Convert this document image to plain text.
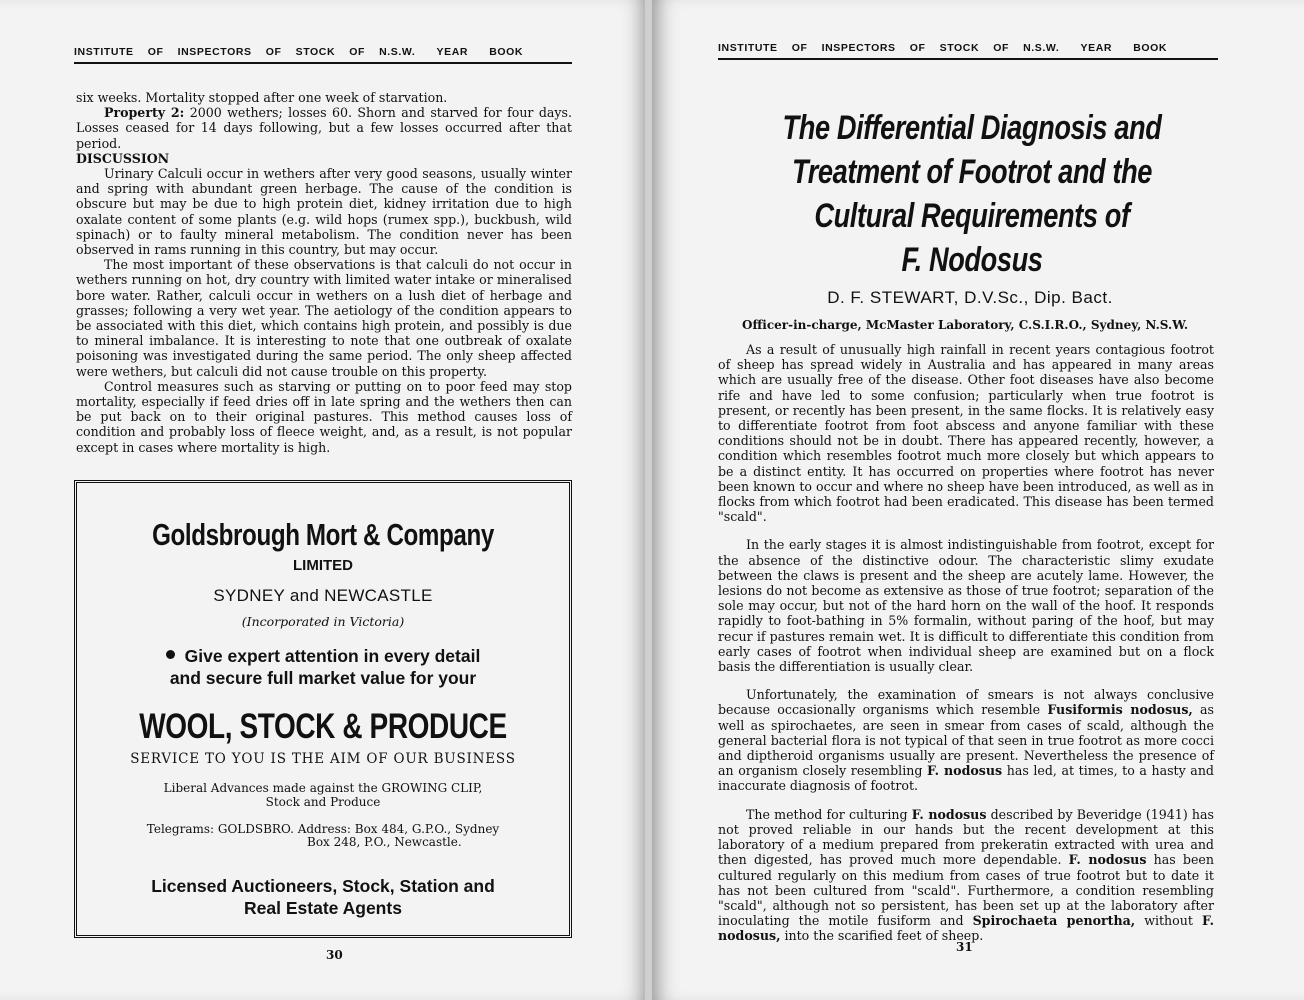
INSTITUTE OF INSPECTORS OF STOCK OF N.S.W. YEAR BOOK

six weeks. Mortality stopped after one week of starvation.

Property 2: 2000 wethers; losses 60. Shorn and starved for four days. Losses ceased for 14 days following, but a few losses occurred after that period.

DISCUSSION

Urinary Calculi occur in wethers after very good seasons, usually winter and spring with abundant green herbage. The cause of the condition is obscure but may be due to high protein diet, kidney irritation due to high oxalate content of some plants (e.g. wild hops (rumex spp.), buckbush, wild spinach) or to faulty mineral metabolism. The condition never has been observed in rams running in this country, but may occur.

The most important of these observations is that calculi do not occur in wethers running on hot, dry country with limited water intake or mineralised bore water. Rather, calculi occur in wethers on a lush diet of herbage and grasses; following a very wet year. The aetiology of the condition appears to be associated with this diet, which contains high protein, and possibly is due to mineral imbalance. It is interesting to note that one outbreak of oxalate poisoning was investigated during the same period. The only sheep affected were wethers, but calculi did not cause trouble on this property.

Control measures such as starving or putting on to poor feed may stop mortality, especially if feed dries off in late spring and the wethers then can be put back on to their original pastures. This method causes loss of condition and probably loss of fleece weight, and, as a result, is not popular except in cases where mortality is high.

Goldsbrough Mort & Company
LIMITED
SYDNEY and NEWCASTLE
(Incorporated in Victoria)
Give expert attention in every detail
and secure full market value for your
WOOL, STOCK & PRODUCE
SERVICE TO YOU IS THE AIM OF OUR BUSINESS
Liberal Advances made against the GROWING CLIP,
Stock and Produce
Telegrams: GOLDSBRO. Address: Box 484, G.P.O., Sydney
Box 248, P.O., Newcastle.
Licensed Auctioneers, Stock, Station and
Real Estate Agents
30
INSTITUTE OF INSPECTORS OF STOCK OF N.S.W. YEAR BOOK
The Differential Diagnosis and
Treatment of Footrot and the
Cultural Requirements of
F. Nodosus
D. F. STEWART, D.V.Sc., Dip. Bact.
Officer-in-charge, McMaster Laboratory, C.S.I.R.O., Sydney, N.S.W.

As a result of unusually high rainfall in recent years contagious footrot of sheep has spread widely in Australia and has appeared in many areas which are usually free of the disease. Other foot diseases have also become rife and have led to some confusion; particularly when true footrot is present, or recently has been present, in the same flocks. It is relatively easy to differentiate footrot from foot abscess and anyone familiar with these conditions should not be in doubt. There has appeared recently, however, a condition which resembles footrot much more closely but which appears to be a distinct entity. It has occurred on properties where footrot has never been known to occur and where no sheep have been introduced, as well as in flocks from which footrot had been eradicated. This disease has been termed "scald".

In the early stages it is almost indistinguishable from footrot, except for the absence of the distinctive odour. The characteristic slimy exudate between the claws is present and the sheep are acutely lame. However, the lesions do not become as extensive as those of true footrot; separation of the sole may occur, but not of the hard horn on the wall of the hoof. It responds rapidly to foot-bathing in 5% formalin, without paring of the hoof, but may recur if pastures remain wet. It is difficult to differentiate this condition from early cases of footrot when individual sheep are examined but on a flock basis the differentiation is usually clear.

Unfortunately, the examination of smears is not always conclusive because occasionally organisms which resemble Fusiformis nodosus, as well as spirochaetes, are seen in smear from cases of scald, although the general bacterial flora is not typical of that seen in true footrot as more cocci and diptheroid organisms usually are present. Nevertheless the presence of an organism closely resembling F. nodosus has led, at times, to a hasty and inaccurate diagnosis of footrot.

The method for culturing F. nodosus described by Beveridge (1941) has not proved reliable in our hands but the recent development at this laboratory of a medium prepared from prekeratin extracted with urea and then digested, has proved much more dependable. F. nodosus has been cultured regularly on this medium from cases of true footrot but to date it has not been cultured from "scald". Furthermore, a condition resembling "scald", although not so persistent, has been set up at the laboratory after inoculating the motile fusiform and Spirochaeta penortha, without F. nodosus, into the scarified feet of sheep.

31
